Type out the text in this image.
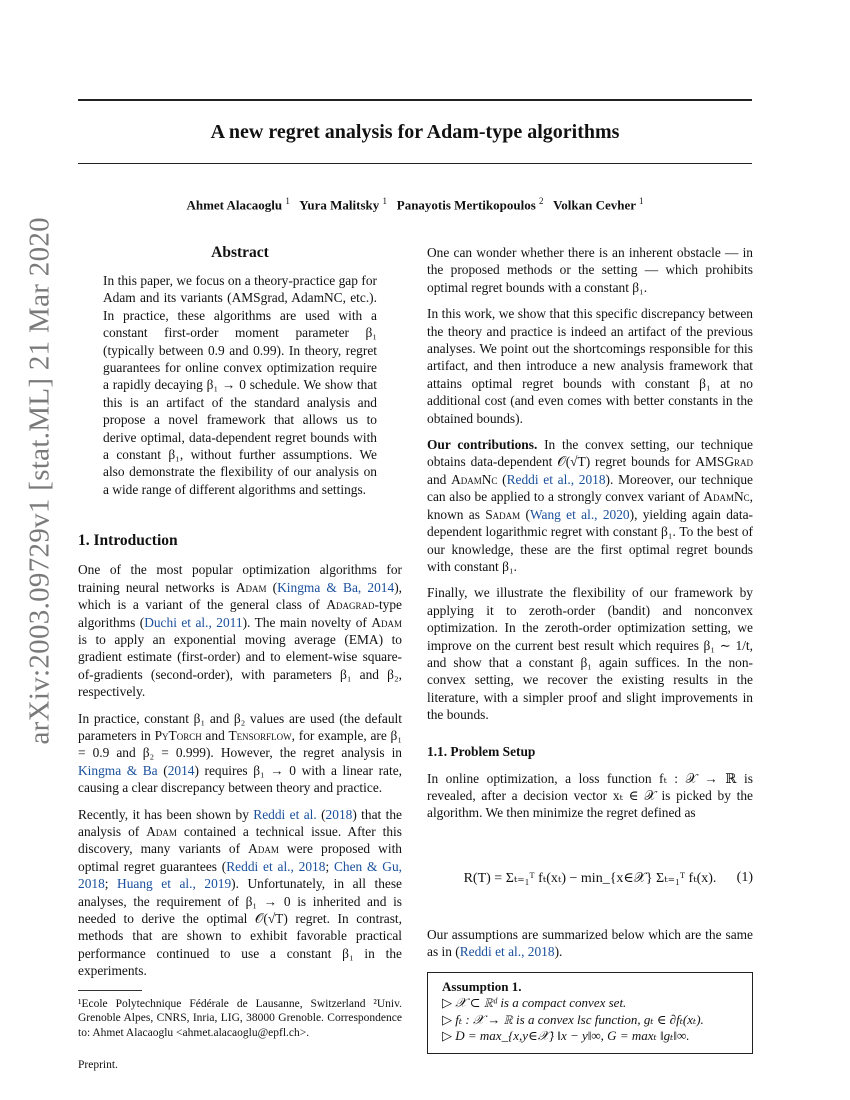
A new regret analysis for Adam-type algorithms
Ahmet Alacaoglu $^1$ Yura Malitsky $^1$ Panayotis Mertikopoulos $^2$ Volkan Cevher $^1$
arXiv:2003.09729v1 [stat.ML] 21 Mar 2020	Abstract

In this paper, we focus on a theory-practice gap for Adam and its variants (AMSgrad, AdamNC, etc.). In practice, these algorithms are used with a constant first-order moment parameter β₁ (typically between 0.9 and 0.99). In theory, regret guarantees for online convex optimization require a rapidly decaying β₁ → 0 schedule. We show that this is an artifact of the standard analysis and propose a novel framework that allows us to derive optimal, data-dependent regret bounds with a constant β₁, without further assumptions. We also demonstrate the flexibility of our analysis on a wide range of different algorithms and settings.

1. Introduction

One of the most popular optimization algorithms for training neural networks is Adam (Kingma & Ba, 2014), which is a variant of the general class of Adagrad-type algorithms (Duchi et al., 2011). The main novelty of Adam is to apply an exponential moving average (EMA) to gradient estimate (first-order) and to element-wise square-of-gradients (second-order), with parameters β₁ and β₂, respectively.

In practice, constant β₁ and β₂ values are used (the default parameters in PyTorch and Tensorflow, for example, are β₁ = 0.9 and β₂ = 0.999). However, the regret analysis in Kingma & Ba (2014) requires β₁ → 0 with a linear rate, causing a clear discrepancy between theory and practice.

Recently, it has been shown by Reddi et al. (2018) that the analysis of Adam contained a technical issue. After this discovery, many variants of Adam were proposed with optimal regret guarantees (Reddi et al., 2018; Chen & Gu, 2018; Huang et al., 2019). Unfortunately, in all these analyses, the requirement of β₁ → 0 is inherited and is needed to derive the optimal 𝒪(√T) regret. In contrast, methods that are shown to exhibit favorable practical performance continued to use a constant β₁ in the experiments.

¹Ecole Polytechnique Fédérale de Lausanne, Switzerland ²Univ. Grenoble Alpes, CNRS, Inria, LIG, 38000 Grenoble. Correspondence to: Ahmet Alacaoglu <ahmet.alacaoglu@epfl.ch>.
Preprint.

One can wonder whether there is an inherent obstacle — in the proposed methods or the setting — which prohibits optimal regret bounds with a constant β₁.

In this work, we show that this specific discrepancy between the theory and practice is indeed an artifact of the previous analyses. We point out the shortcomings responsible for this artifact, and then introduce a new analysis framework that attains optimal regret bounds with constant β₁ at no additional cost (and even comes with better constants in the obtained bounds).

Our contributions. In the convex setting, our technique obtains data-dependent 𝒪(√T) regret bounds for AMSGrad and AdamNc (Reddi et al., 2018). Moreover, our technique can also be applied to a strongly convex variant of AdamNc, known as Sadam (Wang et al., 2020), yielding again data-dependent logarithmic regret with constant β₁. To the best of our knowledge, these are the first optimal regret bounds with constant β₁.

Finally, we illustrate the flexibility of our framework by applying it to zeroth-order (bandit) and nonconvex optimization. In the zeroth-order optimization setting, we improve on the current best result which requires β₁ ∼ 1/t, and show that a constant β₁ again suffices. In the non-convex setting, we recover the existing results in the literature, with a simpler proof and slight improvements in the bounds.

1.1. Problem Setup

In online optimization, a loss function fₜ : 𝒳 → ℝ is revealed, after a decision vector xₜ ∈ 𝒳 is picked by the algorithm. We then minimize the regret defined as

R(T) = Σₜ₌₁ᵀ fₜ(xₜ) − min_{x∈𝒳} Σₜ₌₁ᵀ fₜ(x). (1)

Our assumptions are summarized below which are the same as in (Reddi et al., 2018).

Assumption 1.
▷ 𝒳 ⊂ ℝᵈ is a compact convex set.
▷ fₜ : 𝒳 → ℝ is a convex lsc function, gₜ ∈ ∂fₜ(xₜ).
▷ D = max_{x,y∈𝒳} ‖x − y‖∞, G = maxₜ ‖gₜ‖∞.
